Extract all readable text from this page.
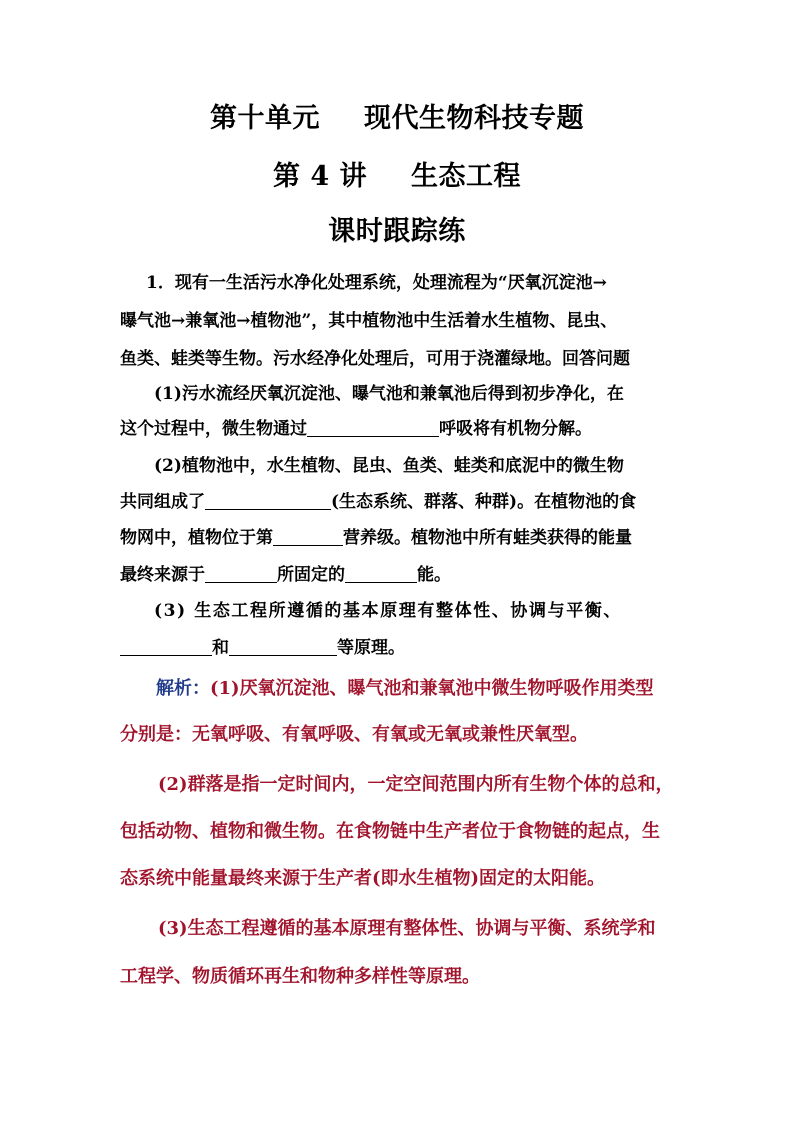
第十单元 现代生物科技专题
第 4 讲 生态工程
课时跟踪练
1．现有一生活污水净化处理系统，处理流程为“厌氧沉淀池→
曝气池→兼氧池→植物池”，其中植物池中生活着水生植物、昆虫、
鱼类、蛙类等生物。污水经净化处理后，可用于浇灌绿地。回答问题
(1)污水流经厌氧沉淀池、曝气池和兼氧池后得到初步净化，在
这个过程中，微生物通过	呼吸将有机物分解。
(2)植物池中，水生植物、昆虫、鱼类、蛙类和底泥中的微生物
共同组成了	(生态系统、群落、种群)。在植物池的食
物网中，植物位于第	营养级。植物池中所有蛙类获得的能量
最终来源于	所固定的	能。
(3) 生态工程所遵循的基本原理有整体性、协调与平衡、
和	等原理。
解析：(1)厌氧沉淀池、曝气池和兼氧池中微生物呼吸作用类型
分别是：无氧呼吸、有氧呼吸、有氧或无氧或兼性厌氧型。
(2)群落是指一定时间内，一定空间范围内所有生物个体的总和，
包括动物、植物和微生物。在食物链中生产者位于食物链的起点，生
态系统中能量最终来源于生产者(即水生植物)固定的太阳能。
(3)生态工程遵循的基本原理有整体性、协调与平衡、系统学和
工程学、物质循环再生和物种多样性等原理。
